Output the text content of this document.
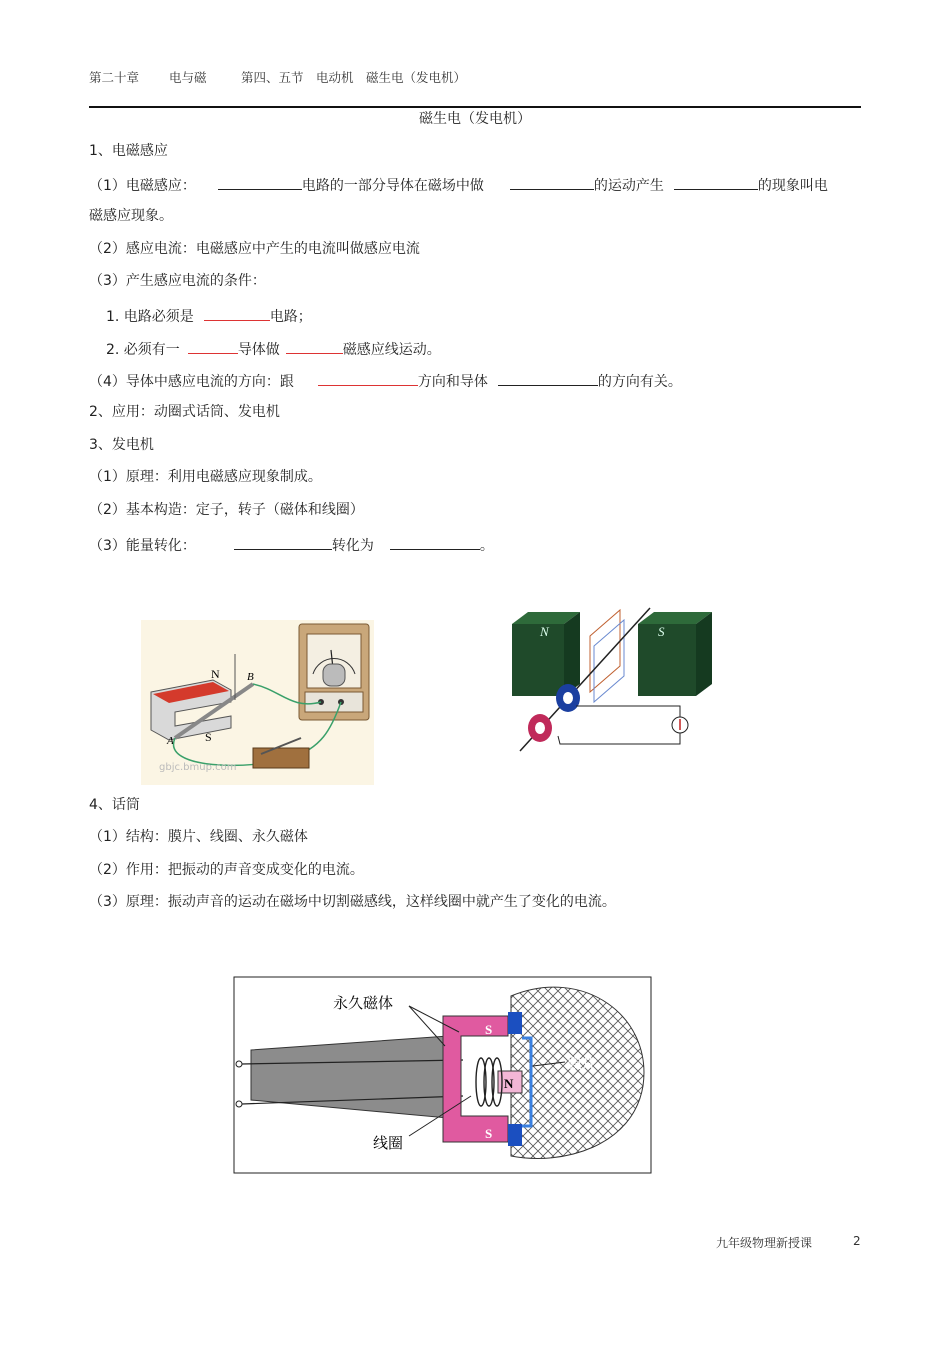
第二十章 电与磁	第四、五节　电动机　磁生电（发电机）
磁生电（发电机）
1、电磁感应
（1）电磁感应：	电路的一部分导体在磁场中做	的运动产生	的现象叫电
磁感应现象。
（2）感应电流：电磁感应中产生的电流叫做感应电流
（3）产生感应电流的条件：
1. 电路必须是	电路；
2. 必须有一	导体做	磁感应线运动。
（4）导体中感应电流的方向：跟	方向和导体	的方向有关。
2、应用：动圈式话筒、发电机
3、发电机
（1）原理：利用电磁感应现象制成。
（2）基本构造：定子，转子（磁体和线圈）
（3）能量转化：	转化为	。
N
S
A
B
gbjc.bmup.com
N	S
4、话筒
（1）结构：膜片、线圈、永久磁体
（2）作用：把振动的声音变成变化的电流。
（3）原理：振动声音的运动在磁场中切割磁感线，这样线圈中就产生了变化的电流。
S
S
N
永久磁体
膜片
线圈
九年级物理新授课	2
